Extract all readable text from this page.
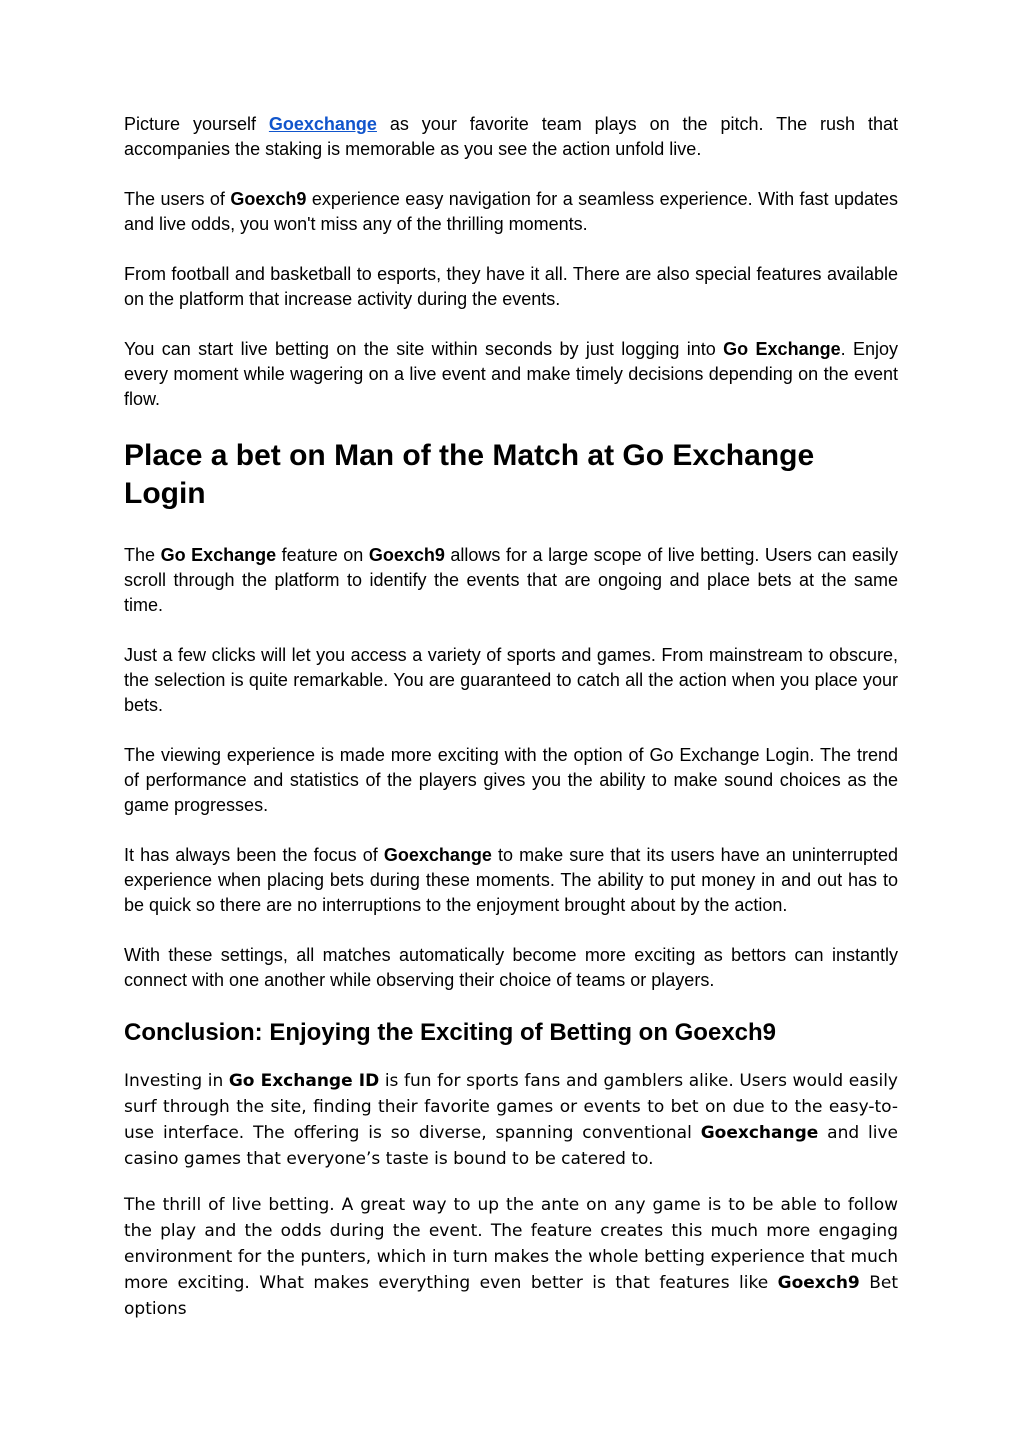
Picture yourself Goexchange as your favorite team plays on the pitch. The rush that accompanies the staking is memorable as you see the action unfold live.

The users of Goexch9 experience easy navigation for a seamless experience. With fast updates and live odds, you won't miss any of the thrilling moments.

From football and basketball to esports, they have it all. There are also special features available on the platform that increase activity during the events.

You can start live betting on the site within seconds by just logging into Go Exchange. Enjoy every moment while wagering on a live event and make timely decisions depending on the event flow.

Place a bet on Man of the Match at Go Exchange Login

The Go Exchange feature on Goexch9 allows for a large scope of live betting. Users can easily scroll through the platform to identify the events that are ongoing and place bets at the same time.

Just a few clicks will let you access a variety of sports and games. From mainstream to obscure, the selection is quite remarkable. You are guaranteed to catch all the action when you place your bets.

The viewing experience is made more exciting with the option of Go Exchange Login. The trend of performance and statistics of the players gives you the ability to make sound choices as the game progresses.

It has always been the focus of Goexchange to make sure that its users have an uninterrupted experience when placing bets during these moments. The ability to put money in and out has to be quick so there are no interruptions to the enjoyment brought about by the action.

With these settings, all matches automatically become more exciting as bettors can instantly connect with one another while observing their choice of teams or players.

Conclusion: Enjoying the Exciting of Betting on Goexch9

Investing in Go Exchange ID is fun for sports fans and gamblers alike. Users would easily surf through the site, finding their favorite games or events to bet on due to the easy-to-use interface. The offering is so diverse, spanning conventional Goexchange and live casino games that everyone’s taste is bound to be catered to.

The thrill of live betting. A great way to up the ante on any game is to be able to follow the play and the odds during the event. The feature creates this much more engaging environment for the punters, which in turn makes the whole betting experience that much more exciting. What makes everything even better is that features like Goexch9 Bet options
